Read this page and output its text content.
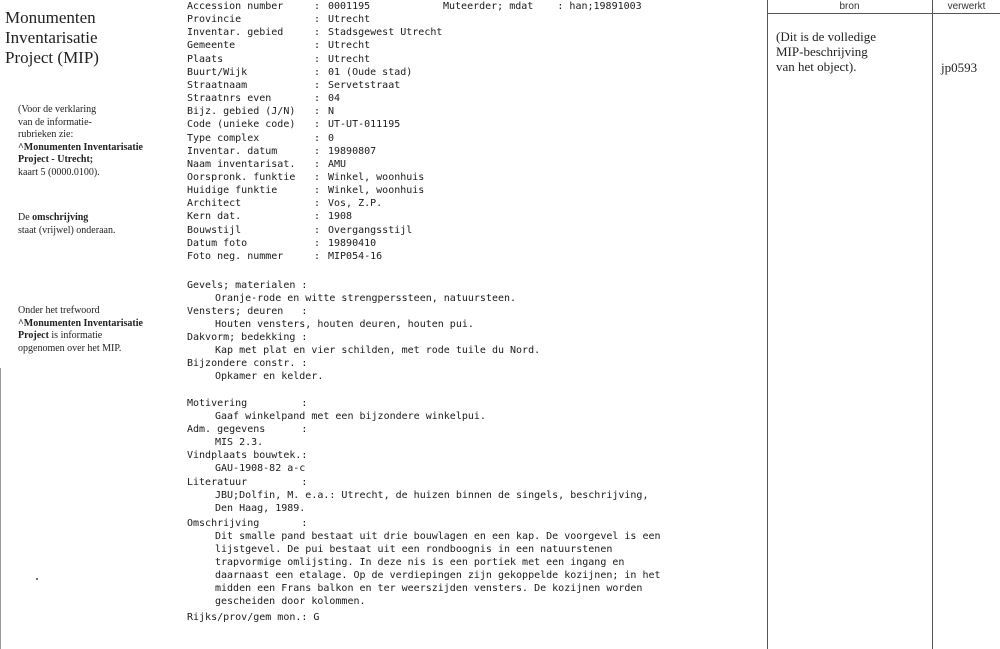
Monumenten
Inventarisatie
Project (MIP)
(Voor de verklaring
van de informatie-
rubrieken zie:
^Monumenten Inventarisatie
Project - Utrecht;
kaart 5 (0000.0100).
De omschrijving
staat (vrijwel) onderaan.
Onder het trefwoord
^Monumenten Inventarisatie
Project is informatie
opgenomen over het MIP.
Muteerder; mdat    : han;19891003
Accession number	: 0001195
Provincie	: Utrecht
Inventar. gebied	: Stadsgewest Utrecht
Gemeente	: Utrecht
Plaats	: Utrecht
Buurt/Wijk	: 01 (Oude stad)
Straatnaam	: Servetstraat
Straatnrs even	: 04
Bijz. gebied (J/N) : N
Code (unieke code) : UT-UT-011195
Type complex	: 0
Inventar. datum	: 19890807
Naam inventarisat. : AMU
Oorspronk. funktie : Winkel, woonhuis
Huidige funktie	: Winkel, woonhuis
Architect	: Vos, Z.P.
Kern dat.	: 1908
Bouwstijl	: Overgangsstijl
Datum foto	: 19890410
Foto neg. nummer	: MIP054-16
Gevels; materialen :
Oranje-rode en witte strengperssteen, natuursteen.
Vensters; deuren   :
Houten vensters, houten deuren, houten pui.
Dakvorm; bedekking :
Kap met plat en vier schilden, met rode tuile du Nord.
Bijzondere constr. :
Opkamer en kelder.
Motivering         :
Gaaf winkelpand met een bijzondere winkelpui.
Adm. gegevens      :
MIS 2.3.
Vindplaats bouwtek.:
GAU-1908-82 a-c
Literatuur         :
JBU;Dolfin, M. e.a.: Utrecht, de huizen binnen de singels, beschrijving,
Den Haag, 1989.
Omschrijving       :
Dit smalle pand bestaat uit drie bouwlagen en een kap. De voorgevel is een
lijstgevel. De pui bestaat uit een rondboognis in een natuurstenen
trapvormige omlijsting. In deze nis is een portiek met een ingang en
daarnaast een etalage. Op de verdiepingen zijn gekoppelde kozijnen; in het
midden een Frans balkon en ter weerszijden vensters. De kozijnen worden
gescheiden door kolommen.
Rijks/prov/gem mon.: G
bron	verwerkt
(Dit is de volledige
MIP-beschrijving
van het object).	jp0593
